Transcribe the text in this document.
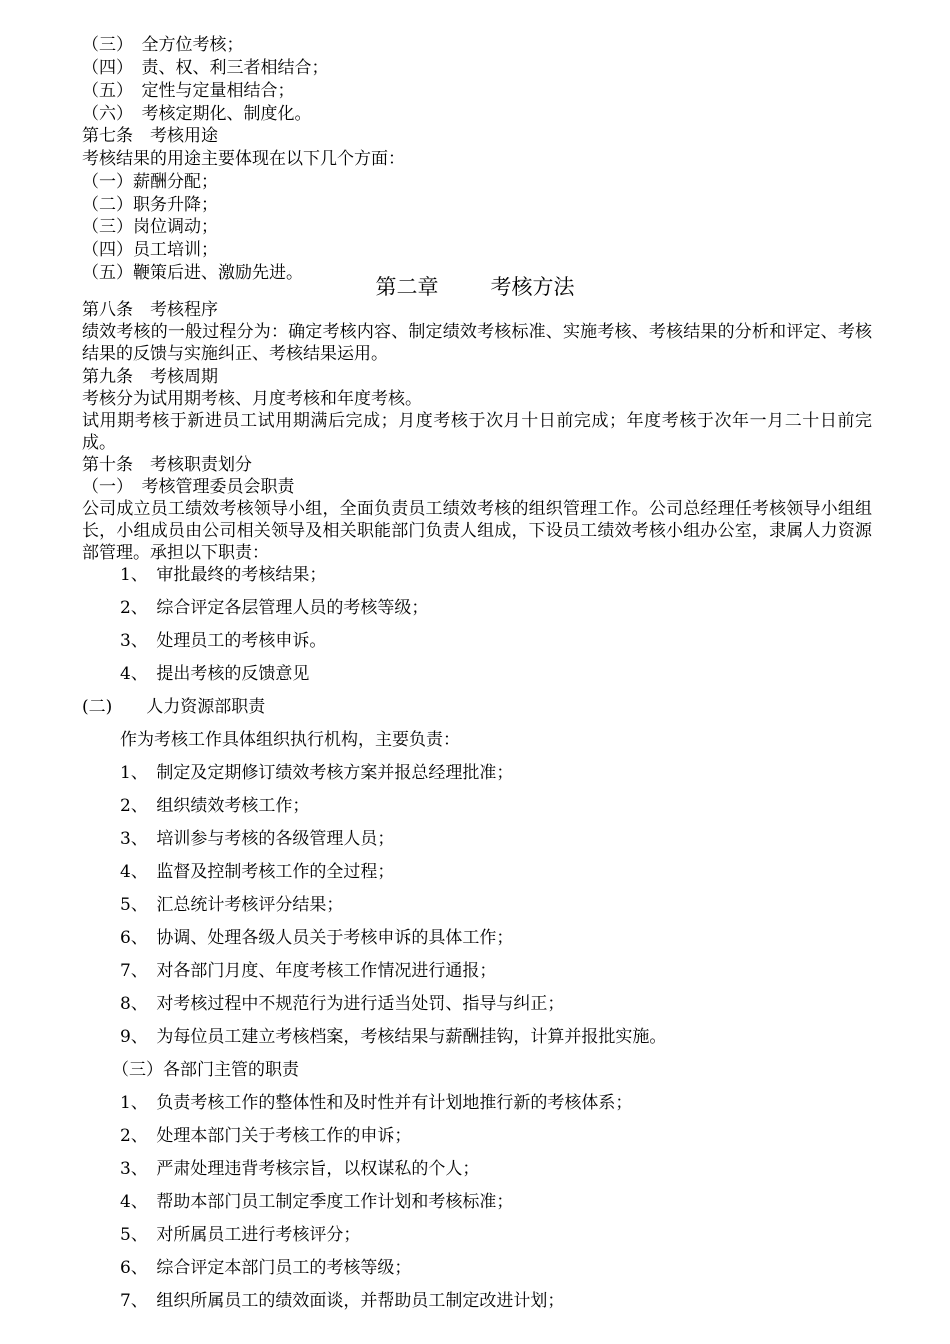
（三）　全方位考核；
（四）　责、权、利三者相结合；
（五）　定性与定量相结合；
（六）　考核定期化、制度化。
第七条　考核用途
考核结果的用途主要体现在以下几个方面：
（一）薪酬分配；
（二）职务升降；
（三）岗位调动；
（四）员工培训；
（五）鞭策后进、激励先进。
第二章 考核方法
第八条　考核程序
绩效考核的一般过程分为：确定考核内容、制定绩效考核标准、实施考核、考核结果的分析和评定、考核结果的反馈与实施纠正、考核结果运用。
第九条　考核周期
考核分为试用期考核、月度考核和年度考核。
试用期考核于新进员工试用期满后完成；月度考核于次月十日前完成；年度考核于次年一月二十日前完成。
第十条　考核职责划分
（一）　考核管理委员会职责
公司成立员工绩效考核领导小组，全面负责员工绩效考核的组织管理工作。公司总经理任考核领导小组组长，小组成员由公司相关领导及相关职能部门负责人组成，下设员工绩效考核小组办公室，隶属人力资源部管理。承担以下职责：
1、　审批最终的考核结果；
2、　综合评定各层管理人员的考核等级；
3、　处理员工的考核申诉。
4、　提出考核的反馈意见
(二)　　人力资源部职责
作为考核工作具体组织执行机构，主要负责：
1、　制定及定期修订绩效考核方案并报总经理批准；
2、　组织绩效考核工作；
3、　培训参与考核的各级管理人员；
4、　监督及控制考核工作的全过程；
5、　汇总统计考核评分结果；
6、　协调、处理各级人员关于考核申诉的具体工作；
7、　对各部门月度、年度考核工作情况进行通报；
8、　对考核过程中不规范行为进行适当处罚、指导与纠正；
9、　为每位员工建立考核档案，考核结果与薪酬挂钩，计算并报批实施。
（三）各部门主管的职责
1、　负责考核工作的整体性和及时性并有计划地推行新的考核体系；
2、　处理本部门关于考核工作的申诉；
3、　严肃处理违背考核宗旨，以权谋私的个人；
4、　帮助本部门员工制定季度工作计划和考核标准；
5、　对所属员工进行考核评分；
6、　综合评定本部门员工的考核等级；
7、　组织所属员工的绩效面谈，并帮助员工制定改进计划；
